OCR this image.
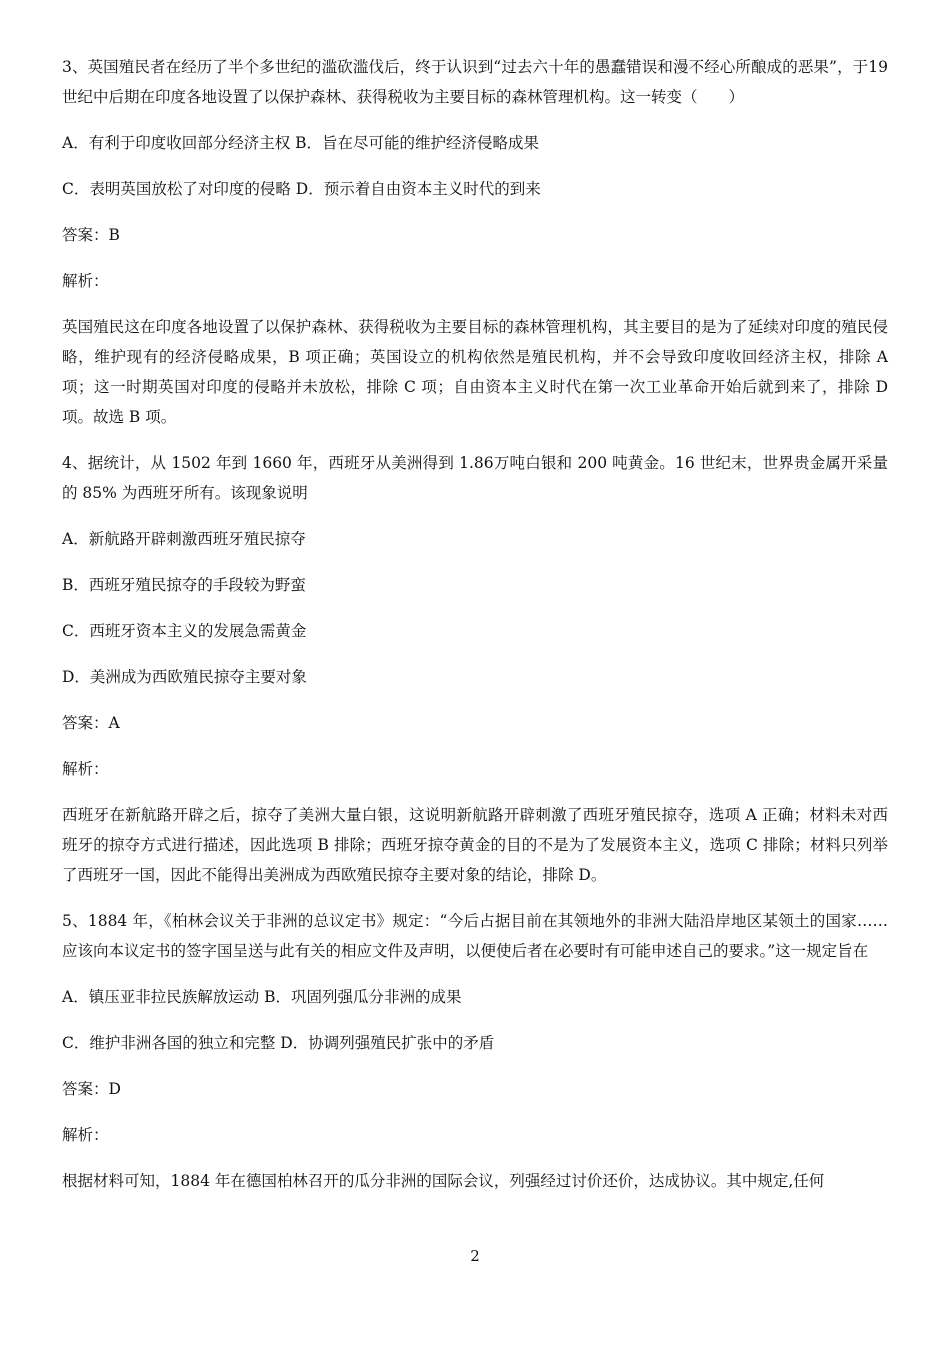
3、英国殖民者在经历了半个多世纪的滥砍滥伐后，终于认识到“过去六十年的愚蠢错误和漫不经心所酿成的恶果”，于19世纪中后期在印度各地设置了以保护森林、获得税收为主要目标的森林管理机构。这一转变（　　）

A．有利于印度收回部分经济主权 B．旨在尽可能的维护经济侵略成果

C．表明英国放松了对印度的侵略 D．预示着自由资本主义时代的到来

答案：B

解析：

英国殖民这在印度各地设置了以保护森林、获得税收为主要目标的森林管理机构，其主要目的是为了延续对印度的殖民侵略，维护现有的经济侵略成果，B 项正确；英国设立的机构依然是殖民机构，并不会导致印度收回经济主权，排除 A 项；这一时期英国对印度的侵略并未放松，排除 C 项；自由资本主义时代在第一次工业革命开始后就到来了，排除 D 项。故选 B 项。

4、据统计，从 1502 年到 1660 年，西班牙从美洲得到 1.86万吨白银和 200 吨黄金。16 世纪末，世界贵金属开采量的 85% 为西班牙所有。该现象说明

A．新航路开辟刺激西班牙殖民掠夺

B．西班牙殖民掠夺的手段较为野蛮

C．西班牙资本主义的发展急需黄金

D．美洲成为西欧殖民掠夺主要对象

答案：A

解析：

西班牙在新航路开辟之后，掠夺了美洲大量白银，这说明新航路开辟刺激了西班牙殖民掠夺，选项 A 正确；材料未对西班牙的掠夺方式进行描述，因此选项 B 排除；西班牙掠夺黄金的目的不是为了发展资本主义，选项 C 排除；材料只列举了西班牙一国，因此不能得出美洲成为西欧殖民掠夺主要对象的结论，排除 D。

5、1884 年，《柏林会议关于非洲的总议定书》规定：“今后占据目前在其领地外的非洲大陆沿岸地区某领土的国家……应该向本议定书的签字国呈送与此有关的相应文件及声明，以便使后者在必要时有可能申述自己的要求。”这一规定旨在

A．镇压亚非拉民族解放运动 B．巩固列强瓜分非洲的成果

C．维护非洲各国的独立和完整 D．协调列强殖民扩张中的矛盾

答案：D

解析：

根据材料可知，1884 年在德国柏林召开的瓜分非洲的国际会议，列强经过讨价还价，达成协议。其中规定,任何

2
